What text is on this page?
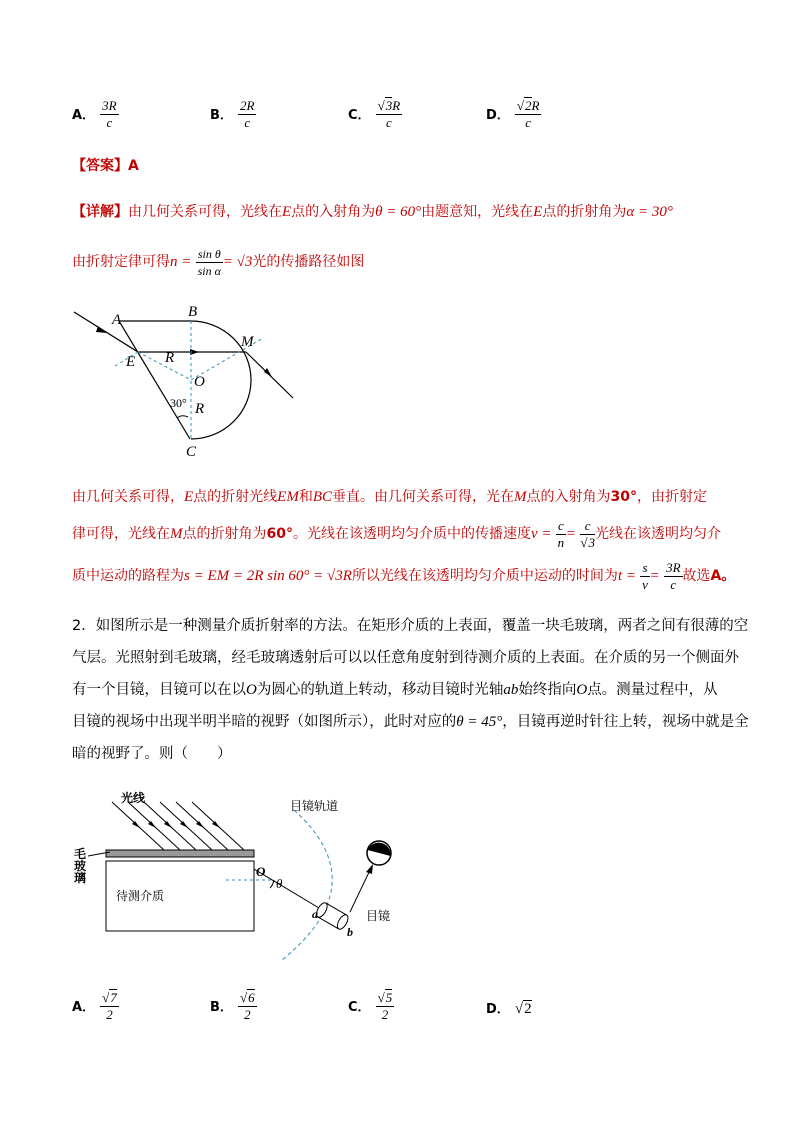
A． $\frac{3R}{c}$	B． $\frac{2R}{c}$	C． $\frac{√3R}{c}$	D． $\frac{√2R}{c}$
【答案】A
【详解】由几何关系可得，光线在E点的入射角为θ = 60°由题意知，光线在E点的折射角为α = 30°
由折射定律可得$n = \frac{\text{sin θ}}{\text{sin α}} = √3$光的传播路径如图
A	B
M
E R
O
30° R
C
由几何关系可得，E点的折射光线EM和BC垂直。由几何关系可得，光在M点的入射角为30°，由折射定
律可得，光线在M点的折射角为60°。光线在该透明均匀介质中的传播速度$v = \frac{c}{n} = \frac{c}{√3}$ 光线在该透明均匀介
质中运动的路程为s = EM = 2R sin 60° = √3R所以光线在该透明均匀介质中运动的时间为$t = \frac{s}{v} = \frac{3R}{c}$ 故选A。
2．如图所示是一种测量介质折射率的方法。在矩形介质的上表面，覆盖一块毛玻璃，两者之间有很薄的空
气层。光照射到毛玻璃，经毛玻璃透射后可以以任意角度射到待测介质的上表面。在介质的另一个侧面外
有一个目镜，目镜可以在以O为圆心的轨道上转动，移动目镜时光轴ab始终指向O点。测量过程中，从
目镜的视场中出现半明半暗的视野（如图所示），此时对应的θ = 45°，目镜再逆时针往上转，视场中就是全
暗的视野了。则（　　）
光线
目镜轨道
毛
玻
璃
待测介质
O
θ
a
b
目镜
A． $\frac{√7}{2}$	B． $\frac{√6}{2}$	C． $\frac{√5}{2}$	D． √2
